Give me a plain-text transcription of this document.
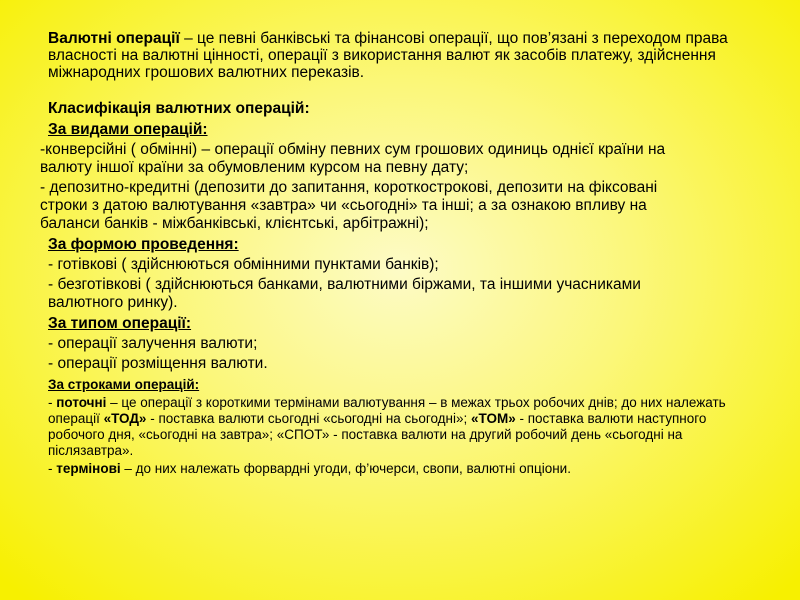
Валютні операції – це певні банківські та фінансові операції, що пов’язані з переходом права власності на валютні цінності, операції з використання валют як засобів платежу, здійснення міжнародних грошових валютних переказів.

Класифікація валютних операцій:

За видами операцій:

-конверсійні ( обмінні) – операції обміну певних сум грошових одиниць однієї країни на валюту іншої країни за обумовленим курсом на певну дату;

- депозитно-кредитні (депозити до запитання, короткострокові, депозити на фіксовані строки з датою валютування «завтра» чи «сьогодні» та інші; а за ознакою впливу на баланси банків - міжбанківські, клієнтські, арбітражні);

За формою проведення:

- готівкові ( здійснюються обмінними пунктами банків);

- безготівкові ( здійснюються банками, валютними біржами, та іншими учасниками валютного ринку).

За типом операції:

- операції залучення валюти;

- операції розміщення валюти.

За строками операцій:

- поточні – це операції з короткими термінами валютування – в межах трьох робочих днів; до них належать операції «ТОД» - поставка валюти сьогодні «сьогодні на сьогодні»; «ТОМ» - поставка валюти наступного робочого дня, «сьогодні на завтра»; «СПОТ» - поставка валюти на другий робочий день «сьогодні на післязавтра».

- термінові – до них належать форвардні угоди, ф’ючерси, свопи, валютні опціони.
